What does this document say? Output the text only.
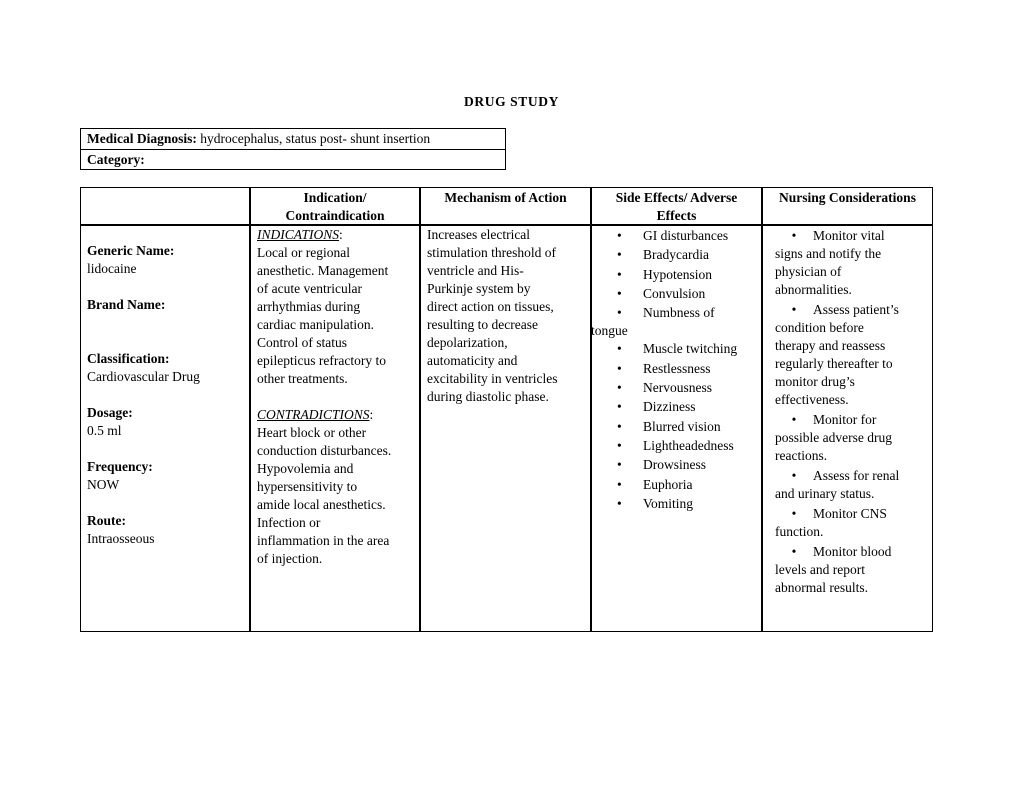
DRUG STUDY
Medical Diagnosis: hydrocephalus, status post- shunt insertion
Category:
Indication/
Contraindication
Mechanism of Action	Side Effects/ Adverse
Effects
Nursing Considerations

Generic Name:

lidocaine

Brand Name:

Classification:

Cardiovascular Drug

Dosage:

0.5 ml

Frequency:

NOW

Route:

Intraosseous

INDICATIONS:

Local or regional

anesthetic. Management

of acute ventricular

arrhythmias during

cardiac manipulation.

Control of status

epilepticus refractory to

other treatments.

CONTRADICTIONS:

Heart block or other

conduction disturbances.

Hypovolemia and

hypersensitivity to

amide local anesthetics.

Infection or

inflammation in the area

of injection.

Increases electrical

stimulation threshold of

ventricle and His-

Purkinje system by

direct action on tissues,

resulting to decrease

depolarization,

automaticity and

excitability in ventricles

during diastolic phase.

• GI disturbances
• Bradycardia
• Hypotension
• Convulsion
• Numbness of
tongue
• Muscle twitching
• Restlessness
• Nervousness
• Dizziness
• Blurred vision
• Lightheadedness
• Drowsiness
• Euphoria
• Vomiting

• Monitor vital

signs and notify the

physician of

abnormalities.

• Assess patient’s

condition before

therapy and reassess

regularly thereafter to

monitor drug’s

effectiveness.

• Monitor for

possible adverse drug

reactions.

• Assess for renal

and urinary status.

• Monitor CNS

function.

• Monitor blood

levels and report

abnormal results.
